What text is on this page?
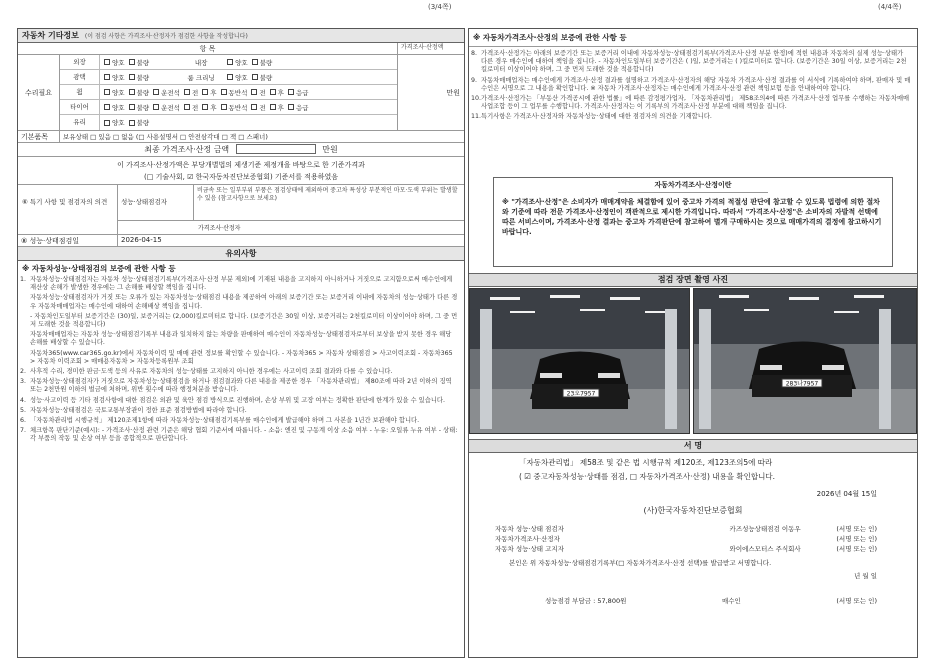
(3/4쪽)	(4/4쪽)
자동차 기타정보 (이 점검 사항은 가격조사·산정자가 점검한 사항을 작성합니다)
항 목	가격조사·산정액
수리필요
외장	양호 불량	내장	양호 불량
광택	양호 불량	룸 크리닝	양호 불량
휠	양호 불량 운전석 전 후 동반석 전 후 응급
타이어	양호 불량 운전석 전 후 동반석 전 후 응급
유리	양호 불량
만원
기본품목	보유상태 □ 있음 □ 없음 (□ 사용설명서 □ 안전삼각대 □ 잭 □ 스패너)
최종 가격조사·산정 금액	만원
이 가격조사·산정가액은 부당개별법의 제생기준 제정개을 바탕으로 한 기준가격과
(□ 기술사회, ☑ 한국자동차진단보증협회) 기준서를 적용하였음
⑥ 특기 사항 및 점검자의 의견	성능·상태점검자
비금속 또는 일부부위 부품은 점검상태에 제외하며 중고차 특성상 부분적인 마모·도색 부위는 발생할 수 있음 (참고사항으로 보세요)
가격조사·산정자
⑧ 성능·상태점검일	2026-04-15
유의사항
※ 자동차성능·상태점검의 보증에 관한 사항 등
1. 자동차성능·상태점검자는 자동차 성능·상태점검기록부(가격조사·산정 부분 제외)에 기재된 내용을 고지하지 아니하거나 거짓으로 고지함으로써 매수인에게 재산상 손해가 발생한 경우에는 그 손해를 배상할 책임을 집니다.
자동차성능·상태점검자가 거짓 또는 오류가 있는 자동차성능·상태점검 내용을 제공하여 아래의 보증기간 또는 보증거리 이내에 자동차의 성능·상태가 다른 경우 자동차매매업자는 매수인에 대하여 손해배상 책임을 집니다.
- 자동차인도일부터 보증기간은 (30)일, 보증거리는 (2,000)킬로미터로 합니다. (보증기간은 30일 이상, 보증거리는 2천킬로미터 이상이어야 하며, 그 중 먼저 도래한 것을 적용합니다)
자동차매매업자는 자동차 성능·상태점검기록부 내용과 일치하지 않는 차량을 판매하여 매수인이 자동차성능·상태점검자로부터 보상을 받지 못한 경우 해당 손해를 배상할 수 있습니다.
자동차365(www.car365.go.kr)에서 자동차이력 및 매매 관련 정보를 확인할 수 있습니다. - 자동차365 > 자동차 상태점검 > 사고이력조회 - 자동차365 > 자동차 이력조회 > 매매용자동차 > 자동차등록원부 조회
2. 사후적 수리, 경미한 판금·도색 등의 사유로 자동차의 성능·상태를 고지하지 아니한 경우에는 사고이력 조회 결과와 다를 수 있습니다.
3. 자동차성능·상태점검자가 거짓으로 자동차성능·상태점검을 하거나 점검결과와 다른 내용을 제공한 경우 「자동차관리법」 제80조에 따라 2년 이하의 징역 또는 2천만원 이하의 벌금에 처하며, 위반 횟수에 따라 행정처분을 받습니다.
4. 성능·사고이력 등 기타 점검사항에 대한 점검은 외관 및 육안 점검 방식으로 진행하며, 손상 부위 및 고장 여부는 정확한 판단에 한계가 있을 수 있습니다.
5. 자동차성능·상태점검은 국토교통부장관이 정한 표준 점검방법에 따라야 합니다.
6. 「자동차관리법 시행규칙」 제120조제1항에 따라 자동차성능·상태점검기록부를 매수인에게 발급해야 하며 그 사본을 1년간 보관해야 합니다.
7. 체크항목 판단기준(예시): - 가격조사·산정 관련 기준은 해당 협회 기준서에 따릅니다. - 소음: 엔진 및 구동계 이상 소음 여부 - 누유: 오일류 누유 여부 - 상태: 각 부품의 작동 및 손상 여부 등을 종합적으로 판단합니다.
※ 자동차가격조사·산정의 보증에 관한 사항 등
8. 가격조사·산정가는 아래의 보증기간 또는 보증거리 이내에 자동차성능·상태점검기록부(가격조사·산정 부분 한정)에 적힌 내용과 자동차의 실제 성능·상태가 다른 경우 매수인에 대하여 책임을 집니다. - 자동차인도일부터 보증기간은 ( )일, 보증거리는 ( )킬로미터로 합니다. (보증기간은 30일 이상, 보증거리는 2천킬로미터 이상이어야 하며, 그 중 먼저 도래한 것을 적용합니다)
9. 자동차매매업자는 매수인에게 가격조사·산정 결과를 설명하고 가격조사·산정자의 해당 자동차 가격조사·산정 결과를 이 서식에 기록하여야 하며, 판매자 및 매수인은 서명으로 그 내용을 확인합니다. ※ 자동차 가격조사·산정자는 매수인에게 가격조사·산정 관련 책임보험 등을 안내하여야 합니다.
10.가격조사·산정가는 「부동산 가격공시에 관한 법률」에 따른 감정평가업자, 「자동차관리법」 제58조의4에 따른 가격조사·산정 업무를 수행하는 자동차매매사업조합 등이 그 업무를 수행합니다. 가격조사·산정자는 이 기록부의 가격조사·산정 부분에 대해 책임을 집니다.
11.특기사항은 가격조사·산정자와 자동차성능·상태에 대한 점검자의 의견을 기재합니다.
자동차가격조사·산정이란
※ "가격조사·산정"은 소비자가 매매계약을 체결함에 있어 중고차 가격의 적절성 판단에 참고할 수 있도록 법령에 의한 절차와 기준에 따라 전문 가격조사·산정인이 객관적으로 제시한 가격입니다. 따라서 "가격조사·산정"은 소비자의 자발적 선택에 따른 서비스이며, 가격조사·산정 결과는 중고차 가격판단에 참고하여 별개 구매하시는 것으로 매매가격의 결정에 참고하시기 바랍니다.
점검 장면 촬영 사진
23오7957
283나7957
서 명
「자동차관리법」 제58조 및 같은 법 시행규칙 제120조, 제123조의5에 따라
( ☑ 중고자동차성능·상태를 점검, □ 자동차가격조사·산정) 내용을 확인합니다.
2026년 04월 15일
(사)한국자동차진단보증협회
자동차 성능·상태 점검자	카즈성능상태점검 이동우	(서명 또는 인)
자동차가격조사·산정자	(서명 또는 인)
자동차 성능·상태 고지자	와이에스모터스 주식회사	(서명 또는 인)
본인은 위 자동차성능·상태점검기록부(□ 자동차가격조사·산정 선택)를 발급받고 서명합니다.
년 월 일
성능점검 부담금 : 57,800원	매수인	(서명 또는 인)
